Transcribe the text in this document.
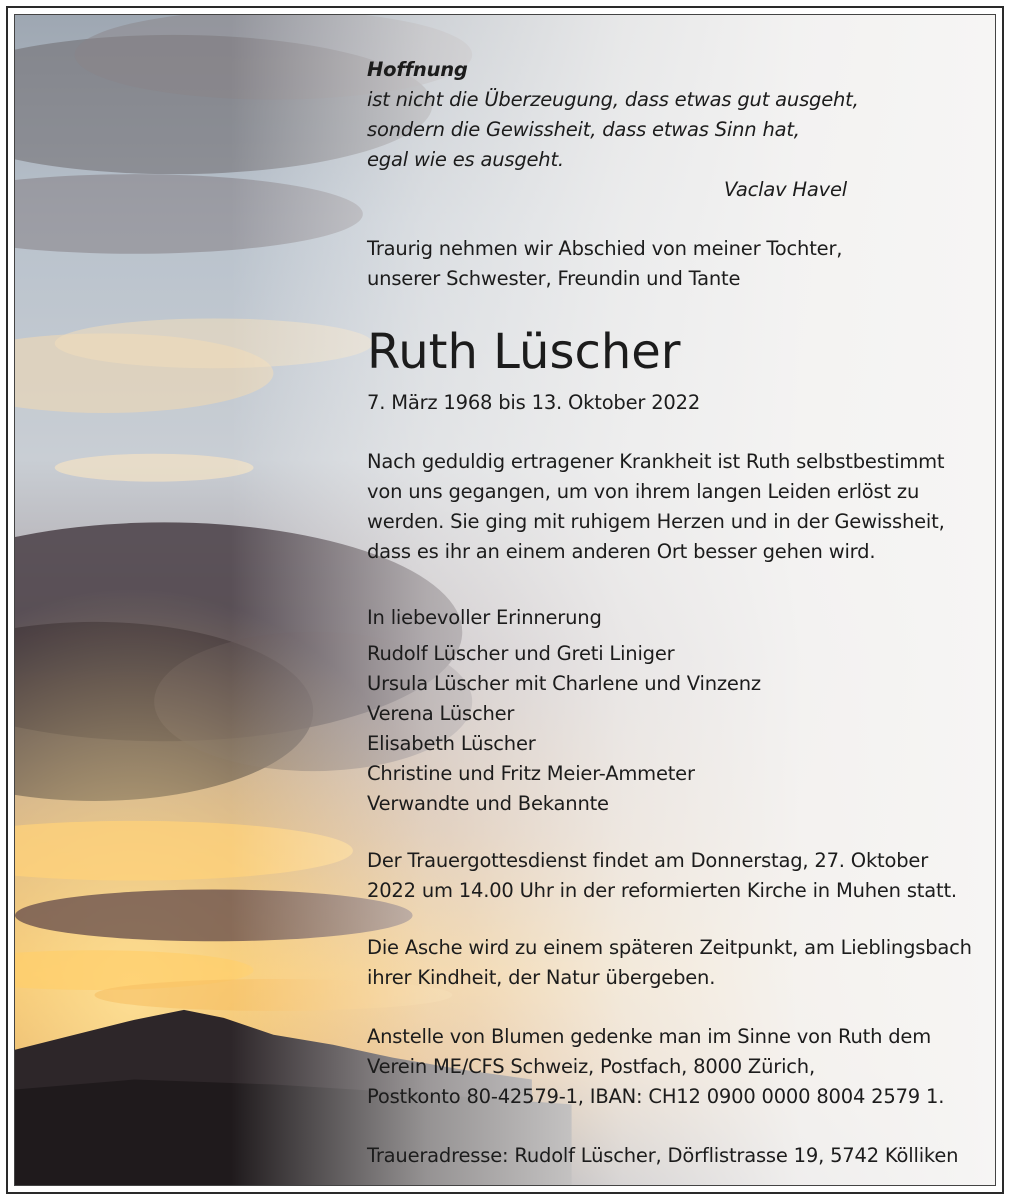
Hoffnung
ist nicht die Überzeugung, dass etwas gut ausgeht,
sondern die Gewissheit, dass etwas Sinn hat,
egal wie es ausgeht.

Vaclav Havel

Traurig nehmen wir Abschied von meiner Tochter,
unserer Schwester, Freundin und Tante

Ruth Lüscher

7. März 1968 bis 13. Oktober 2022

Nach geduldig ertragener Krankheit ist Ruth selbstbestimmt
von uns gegangen, um von ihrem langen Leiden erlöst zu
werden. Sie ging mit ruhigem Herzen und in der Gewissheit,
dass es ihr an einem anderen Ort besser gehen wird.

In liebevoller Erinnerung

Rudolf Lüscher und Greti Liniger
Ursula Lüscher mit Charlene und Vinzenz
Verena Lüscher
Elisabeth Lüscher
Christine und Fritz Meier-Ammeter
Verwandte und Bekannte

Der Trauergottesdienst findet am Donnerstag, 27. Oktober
2022 um 14.00 Uhr in der reformierten Kirche in Muhen statt.

Die Asche wird zu einem späteren Zeitpunkt, am Lieblingsbach
ihrer Kindheit, der Natur übergeben.

Anstelle von Blumen gedenke man im Sinne von Ruth dem
Verein ME/CFS Schweiz, Postfach, 8000 Zürich,
Postkonto 80-42579-1, IBAN: CH12 0900 0000 8004 2579 1.

Traueradresse: Rudolf Lüscher, Dörflistrasse 19, 5742 Kölliken
